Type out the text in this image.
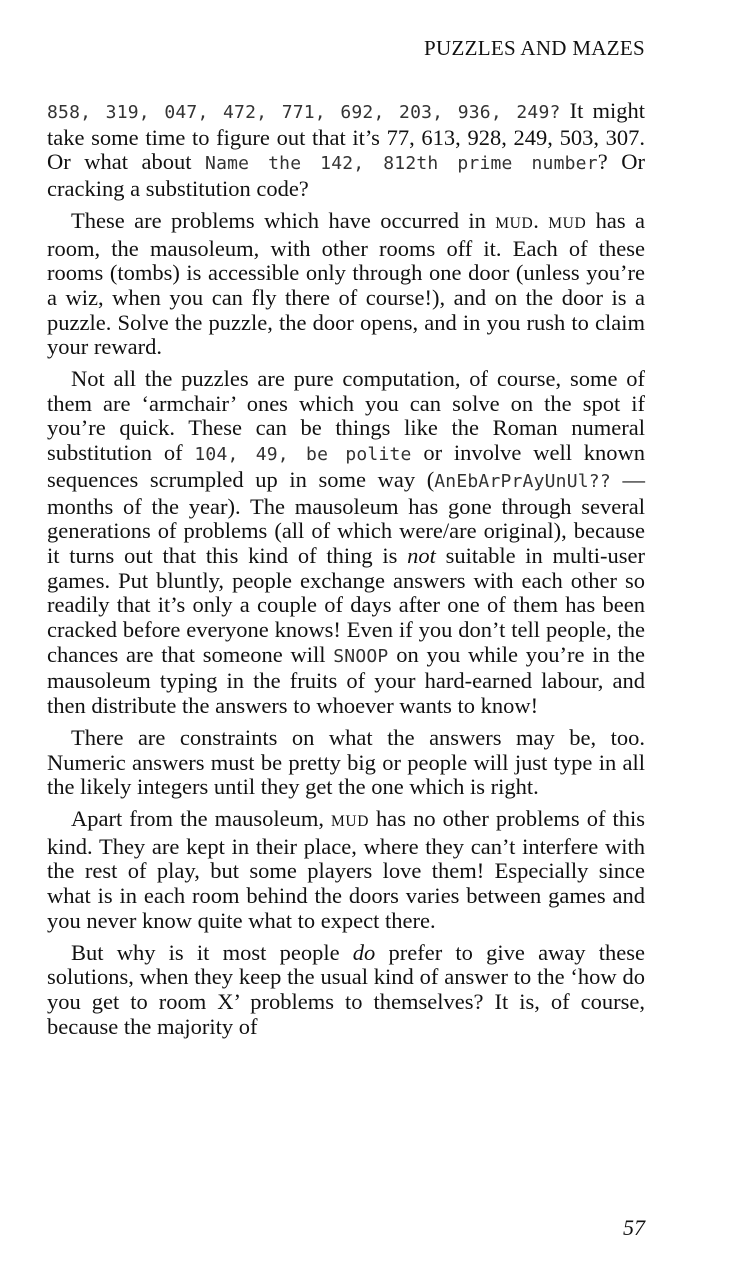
PUZZLES AND MAZES

858, 319, 047, 472, 771, 692, 203, 936, 249? It might take some time to figure out that it’s 77, 613, 928, 249, 503, 307. Or what about Name the 142, 812th prime number? Or cracking a substitution code?

These are problems which have occurred in MUD. MUD has a room, the mausoleum, with other rooms off it. Each of these rooms (tombs) is accessible only through one door (unless you’re a wiz, when you can fly there of course!), and on the door is a puzzle. Solve the puzzle, the door opens, and in you rush to claim your reward.

Not all the puzzles are pure computation, of course, some of them are ‘armchair’ ones which you can solve on the spot if you’re quick. These can be things like the Roman numeral substitution of 104, 49, be polite or involve well known sequences scrumpled up in some way (AnEbArPrAyUnUl?? — months of the year). The mausoleum has gone through several generations of problems (all of which were/are original), because it turns out that this kind of thing is not suitable in multi-user games. Put bluntly, people exchange answers with each other so readily that it’s only a couple of days after one of them has been cracked before everyone knows! Even if you don’t tell people, the chances are that someone will SNOOP on you while you’re in the mausoleum typing in the fruits of your hard-earned labour, and then distribute the answers to whoever wants to know!

There are constraints on what the answers may be, too. Numeric answers must be pretty big or people will just type in all the likely integers until they get the one which is right.

Apart from the mausoleum, MUD has no other problems of this kind. They are kept in their place, where they can’t interfere with the rest of play, but some players love them! Especially since what is in each room behind the doors varies between games and you never know quite what to expect there.

But why is it most people do prefer to give away these solutions, when they keep the usual kind of answer to the ‘how do you get to room X’ problems to themselves? It is, of course, because the majority of

57
